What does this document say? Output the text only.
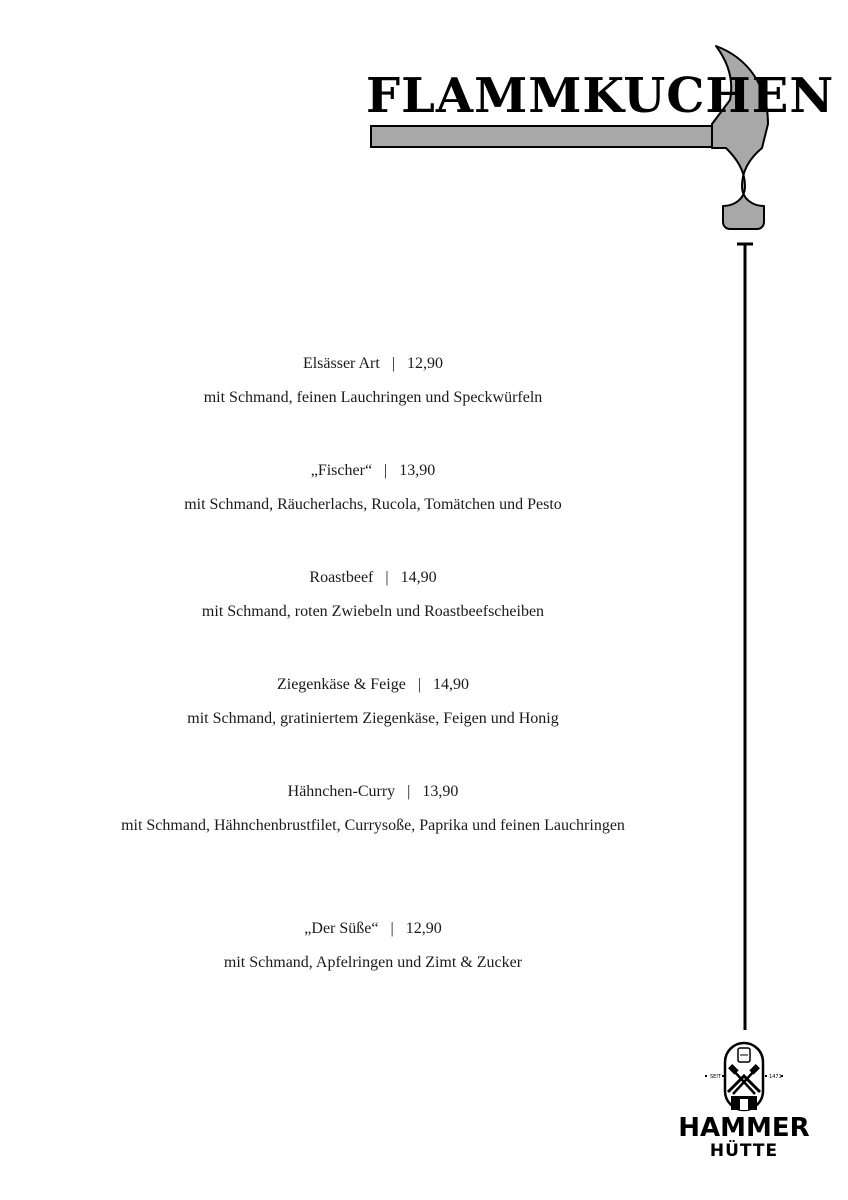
FLAMMKUCHEN
Elsässer Art | 12,90
mit Schmand, feinen Lauchringen und Speckwürfeln
„Fischer“ | 13,90
mit Schmand, Räucherlachs, Rucola, Tomätchen und Pesto
Roastbeef | 14,90
mit Schmand, roten Zwiebeln und Roastbeefscheiben
Ziegenkäse & Feige | 14,90
mit Schmand, gratiniertem Ziegenkäse, Feigen und Honig
Hähnchen-Curry | 13,90
mit Schmand, Hähnchenbrustfilet, Currysoße, Paprika und feinen Lauchringen
„Der Süße“ | 12,90
mit Schmand, Apfelringen und Zimt & Zucker
SEIT	1471
HAMMER
HÜTTE
